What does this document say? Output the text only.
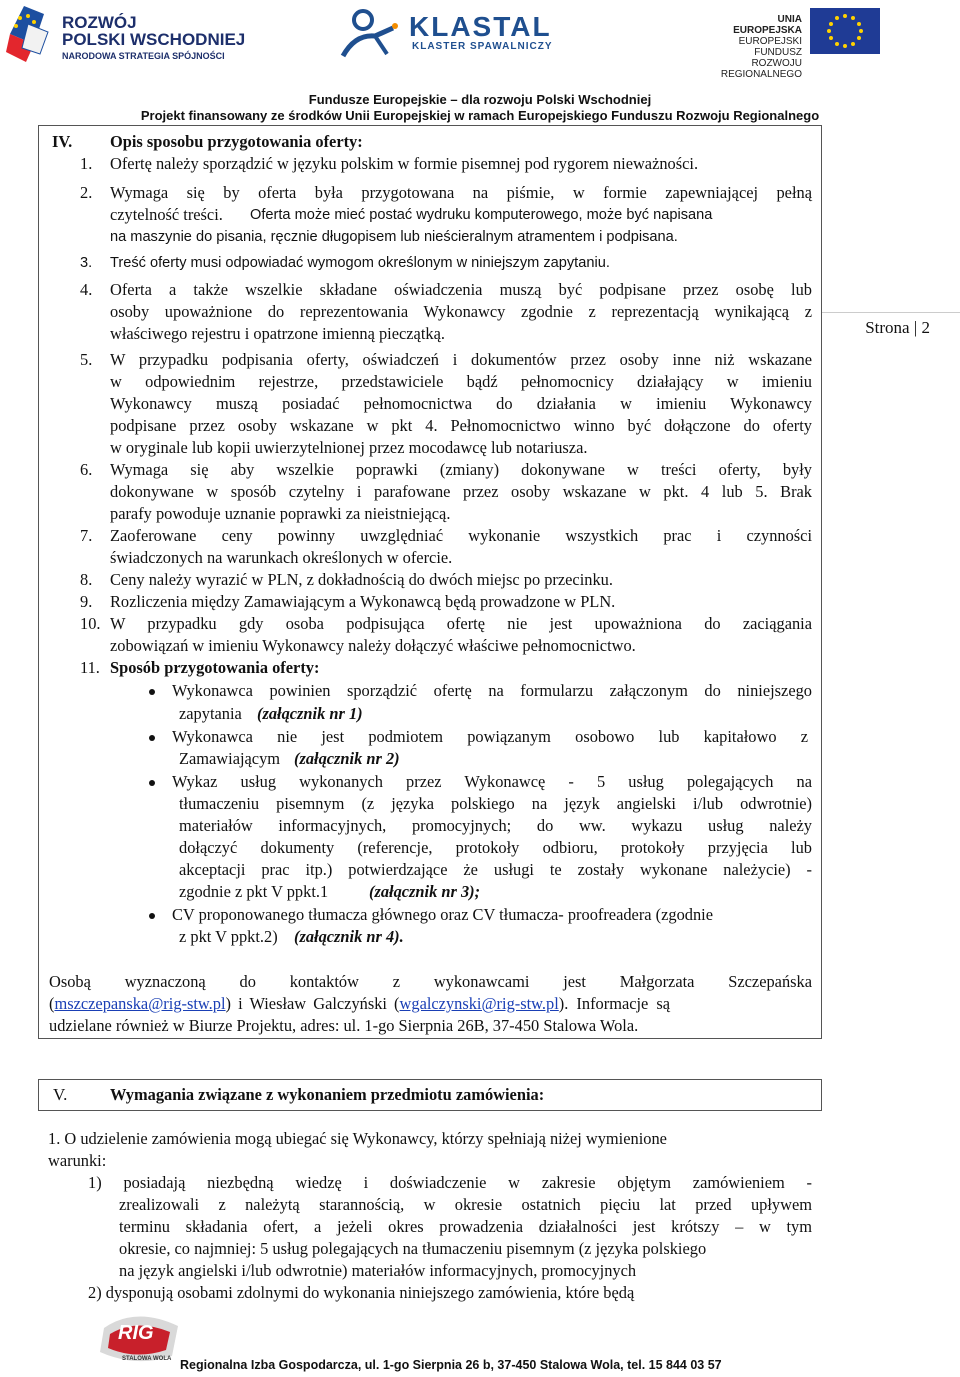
ROZWÓJ
POLSKI WSCHODNIEJ
NARODOWA STRATEGIA SPÓJNOŚCI
KLASTAL
KLASTER SPAWALNICZY
UNIA EUROPEJSKA
EUROPEJSKI FUNDUSZ
ROZWOJU REGIONALNEGO
Fundusze Europejskie – dla rozwoju Polski Wschodniej
Projekt finansowany ze środków Unii Europejskiej w ramach Europejskiego Funduszu Rozwoju Regionalnego
IV. Opis sposobu przygotowania oferty:
1. Ofertę należy sporządzić w języku polskim w formie pisemnej pod rygorem nieważności.
2. Wymaga się by oferta była przygotowana na piśmie, w formie zapewniającej pełną
czytelność treści. Oferta może mieć postać wydruku komputerowego, może być napisana
na maszynie do pisania, ręcznie długopisem lub nieścieralnym atramentem i podpisana.
3. Treść oferty musi odpowiadać wymogom określonym w niniejszym zapytaniu.
4. Oferta a także wszelkie składane oświadczenia muszą być podpisane przez osobę lub
osoby upoważnione do reprezentowania Wykonawcy zgodnie z reprezentacją wynikającą z
właściwego rejestru i opatrzone imienną pieczątką.
5. W przypadku podpisania oferty, oświadczeń i dokumentów przez osoby inne niż wskazane
w odpowiednim rejestrze, przedstawiciele bądź pełnomocnicy działający w imieniu
Wykonawcy muszą posiadać pełnomocnictwa do działania w imieniu Wykonawcy
podpisane przez osoby wskazane w pkt 4. Pełnomocnictwo winno być dołączone do oferty
w oryginale lub kopii uwierzytelnionej przez mocodawcę lub notariusza.
6. Wymaga się aby wszelkie poprawki (zmiany) dokonywane w treści oferty, były
dokonywane w sposób czytelny i parafowane przez osoby wskazane w pkt. 4 lub 5. Brak
parafy powoduje uznanie poprawki za nieistniejącą.
7. Zaoferowane ceny powinny uwzględniać wykonanie wszystkich prac i czynności
świadczonych na warunkach określonych w ofercie.
8. Ceny należy wyrazić w PLN, z dokładnością do dwóch miejsc po przecinku.
9. Rozliczenia między Zamawiającym a Wykonawcą będą prowadzone w PLN.
10. W przypadku gdy osoba podpisująca ofertę nie jest upoważniona do zaciągania
zobowiązań w imieniu Wykonawcy należy dołączyć właściwe pełnomocnictwo.
11. Sposób przygotowania oferty:
Wykonawca powinien sporządzić ofertę na formularzu załączonym do niniejszego
zapytania (załącznik nr 1)
Wykonawca nie jest podmiotem powiązanym osobowo lub kapitałowo z
Zamawiającym (załącznik nr 2)
Wykaz usług wykonanych przez Wykonawcę - 5 usług polegających na
tłumaczeniu pisemnym (z języka polskiego na język angielski i/lub odwrotnie)
materiałów informacyjnych, promocyjnych; do ww. wykazu usług należy
dołączyć dokumenty (referencje, protokoły odbioru, protokoły przyjęcia lub
akceptacji prac itp.) potwierdzające że usługi te zostały wykonane należycie) -
zgodnie z pkt V ppkt.1 (załącznik nr 3);
CV proponowanego tłumacza głównego oraz CV tłumacza- proofreadera (zgodnie
z pkt V ppkt.2) (załącznik nr 4).
Osobą wyznaczoną do kontaktów z wykonawcami jest Małgorzata Szczepańska
(mszczepanska@rig-stw.pl) i Wiesław Galczyński (wgalczynski@rig-stw.pl). Informacje są
udzielane również w Biurze Projektu, adres: ul. 1-go Sierpnia 26B, 37-450 Stalowa Wola.
Strona | 2
V.	Wymagania związane z wykonaniem przedmiotu zamówienia:
1. O udzielenie zamówienia mogą ubiegać się Wykonawcy, którzy spełniają niżej wymienione
warunki:
1) posiadają niezbędną wiedzę i doświadczenie w zakresie objętym zamówieniem -
zrealizowali z należytą starannością, w okresie ostatnich pięciu lat przed upływem
terminu składania ofert, a jeżeli okres prowadzenia działalności jest krótszy – w tym
okresie, co najmniej: 5 usług polegających na tłumaczeniu pisemnym (z języka polskiego
na język angielski i/lub odwrotnie) materiałów informacyjnych, promocyjnych
2) dysponują osobami zdolnymi do wykonania niniejszego zamówienia, które będą
RIG
STALOWA WOLA Regionalna Izba Gospodarcza, ul. 1-go Sierpnia 26 b, 37-450 Stalowa Wola, tel. 15 844 03 57
